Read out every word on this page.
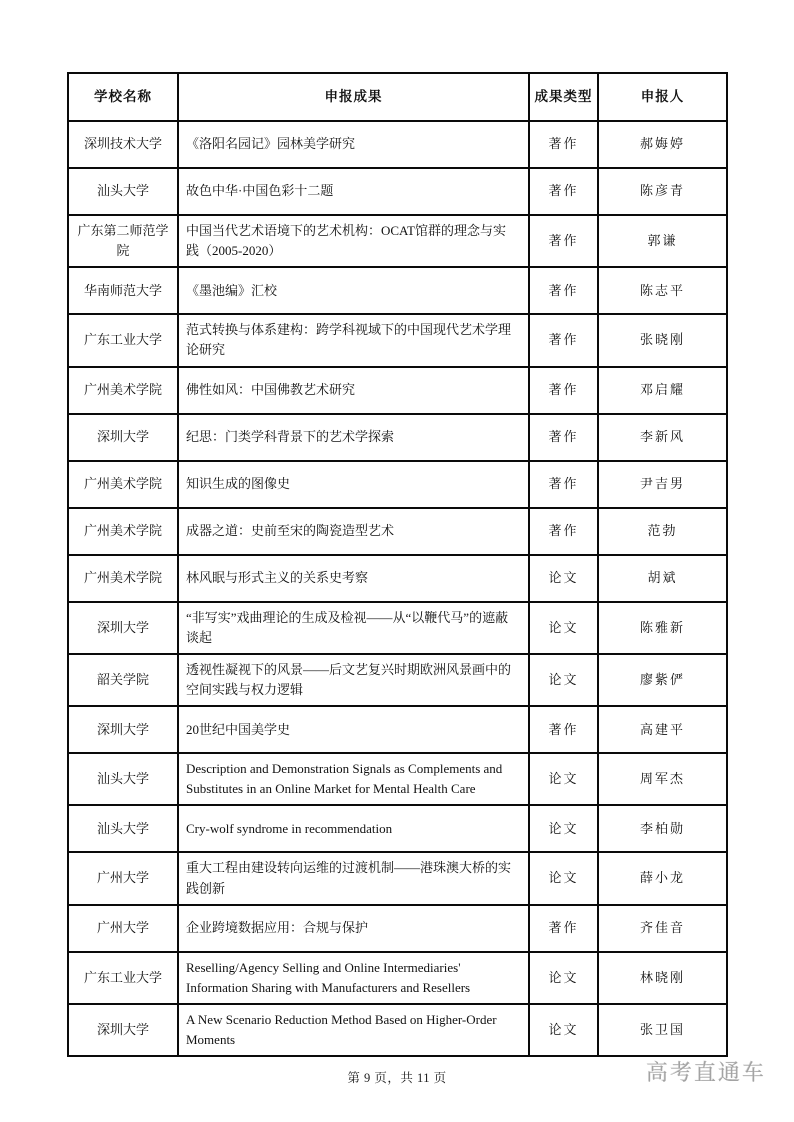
学校名称	申报成果	成果类型	申报人
深圳技术大学	《洛阳名园记》园林美学研究	著作	郝娒婷
汕头大学	故色中华·中国色彩十二题	著作	陈彦青
广东第二师范学院	中国当代艺术语境下的艺术机构：OCAT馆群的理念与实践（2005-2020）	著作	郭谦
华南师范大学	《墨池编》汇校	著作	陈志平
广东工业大学	范式转换与体系建构：跨学科视域下的中国现代艺术学理论研究	著作	张晓刚
广州美术学院	佛性如风：中国佛教艺术研究	著作	邓启耀
深圳大学	纪思：门类学科背景下的艺术学探索	著作	李新风
广州美术学院	知识生成的图像史	著作	尹吉男
广州美术学院	成器之道：史前至宋的陶瓷造型艺术	著作	范勃
广州美术学院	林风眠与形式主义的关系史考察	论文	胡斌
深圳大学	“非写实”戏曲理论的生成及检视——从“以鞭代马”的遮蔽谈起	论文	陈雅新
韶关学院	透视性凝视下的风景——后文艺复兴时期欧洲风景画中的空间实践与权力逻辑	论文	廖紫俨
深圳大学	20世纪中国美学史	著作	高建平
汕头大学	Description and Demonstration Signals as Complements and Substitutes in an Online Market for Mental Health Care	论文	周军杰
汕头大学	Cry-wolf syndrome in recommendation	论文	李柏勋
广州大学	重大工程由建设转向运维的过渡机制——港珠澳大桥的实践创新	论文	薛小龙
广州大学	企业跨境数据应用：合规与保护	著作	齐佳音
广东工业大学	Reselling/Agency Selling and Online Intermediaries' Information Sharing with Manufacturers and Resellers	论文	林晓刚
深圳大学	A New Scenario Reduction Method Based on Higher-Order Moments	论文	张卫国
第 9 页，共 11 页	高考直通车
